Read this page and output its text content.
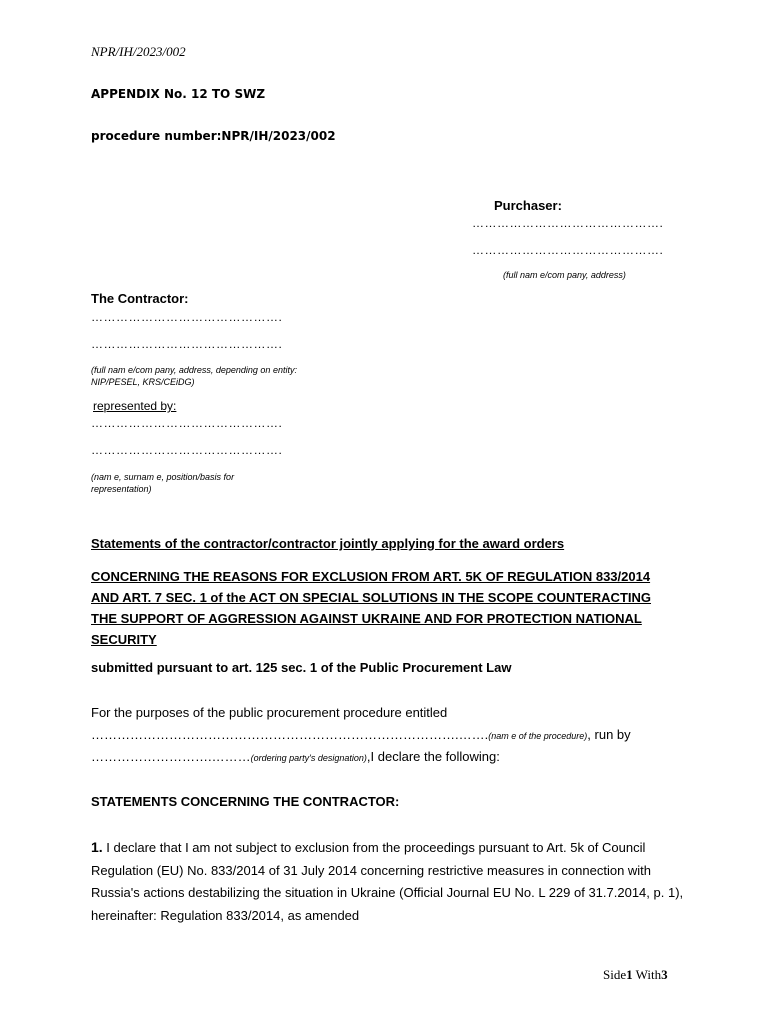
NPR/IH/2023/002
APPENDIX No. 12 TO SWZ
procedure number:NPR/IH/2023/002
Purchaser:
……………………………………….
……………………………………….
(full nam e/com pany, address)
The Contractor:
……………………………………….
……………………………………….
(full nam e/com pany, address, depending on entity: NIP/PESEL, KRS/CEiDG)
represented by:
……………………………………….
……………………………………….
(nam e, surnam e, position/basis for representation)
Statements of the contractor/contractor jointly applying for the award orders
CONCERNING THE REASONS FOR EXCLUSION FROM ART. 5K OF REGULATION 833/2014 AND ART. 7 SEC. 1 of the ACT ON SPECIAL SOLUTIONS IN THE SCOPE COUNTERACTING THE SUPPORT OF AGGRESSION AGAINST UKRAINE AND FOR PROTECTION NATIONAL SECURITY
submitted pursuant to art. 125 sec. 1 of the Public Procurement Law
For the purposes of the public procurement procedure entitled
………………………………………………………………………….…….(nam e of the procedure), run by
……………………….………(ordering party's designation),I declare the following:
STATEMENTS CONCERNING THE CONTRACTOR:
1. I declare that I am not subject to exclusion from the proceedings pursuant to Art. 5k of Council Regulation (EU) No. 833/2014 of 31 July 2014 concerning restrictive measures in connection with Russia's actions destabilizing the situation in Ukraine (Official Journal EU No. L 229 of 31.7.2014, p. 1), hereinafter: Regulation 833/2014, as amended
Side1 With3
